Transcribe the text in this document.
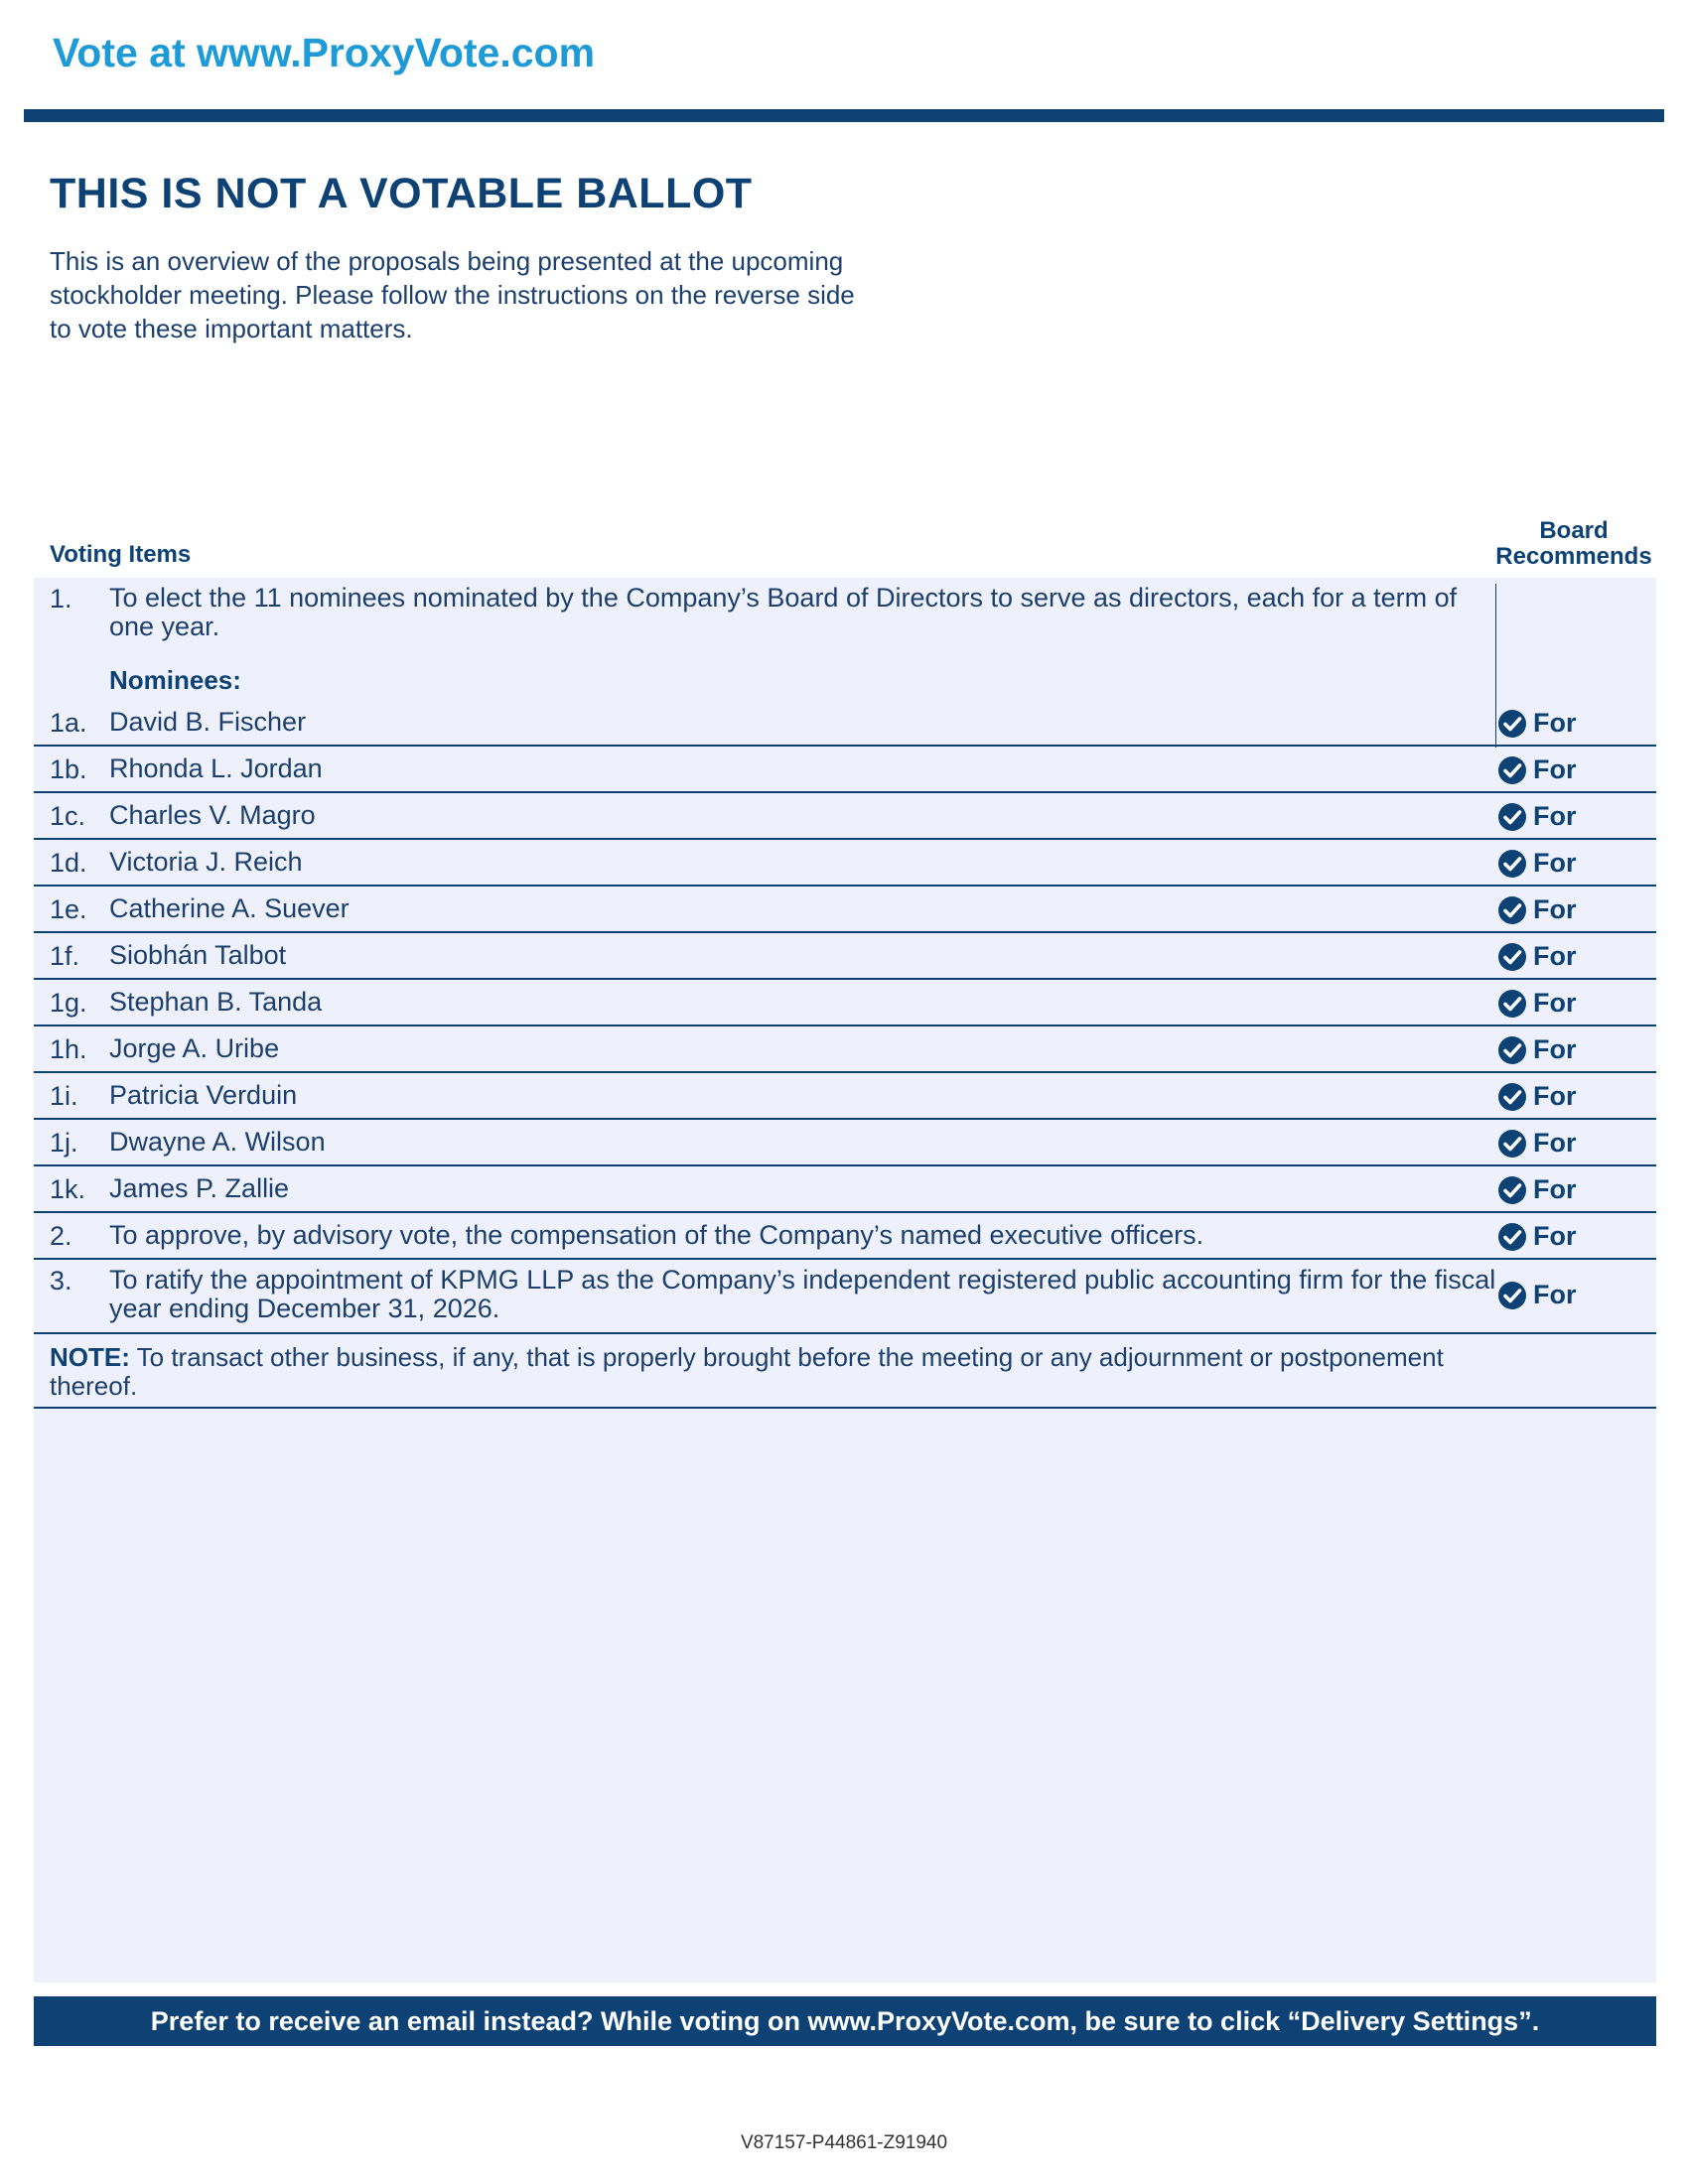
Vote at www.ProxyVote.com
THIS IS NOT A VOTABLE BALLOT
This is an overview of the proposals being presented at the upcoming stockholder meeting. Please follow the instructions on the reverse side to vote these important matters.
Voting Items
Board
Recommends
1. To elect the 11 nominees nominated by the Company’s Board of Directors to serve as directors, each for a term of one year.
Nominees:
1a. David B. Fischer	For
1b. Rhonda L. Jordan	For
1c. Charles V. Magro	For
1d. Victoria J. Reich	For
1e. Catherine A. Suever	For
1f. Siobhán Talbot	For
1g. Stephan B. Tanda	For
1h. Jorge A. Uribe	For
1i. Patricia Verduin	For
1j. Dwayne A. Wilson	For
1k. James P. Zallie	For
2. To approve, by advisory vote, the compensation of the Company’s named executive officers.	For
3. To ratify the appointment of KPMG LLP as the Company’s independent registered public accounting firm for the fiscal year ending December 31, 2026.	For
NOTE: To transact other business, if any, that is properly brought before the meeting or any adjournment or postponement thereof.
Prefer to receive an email instead? While voting on www.ProxyVote.com, be sure to click “Delivery Settings”.
V87157-P44861-Z91940
